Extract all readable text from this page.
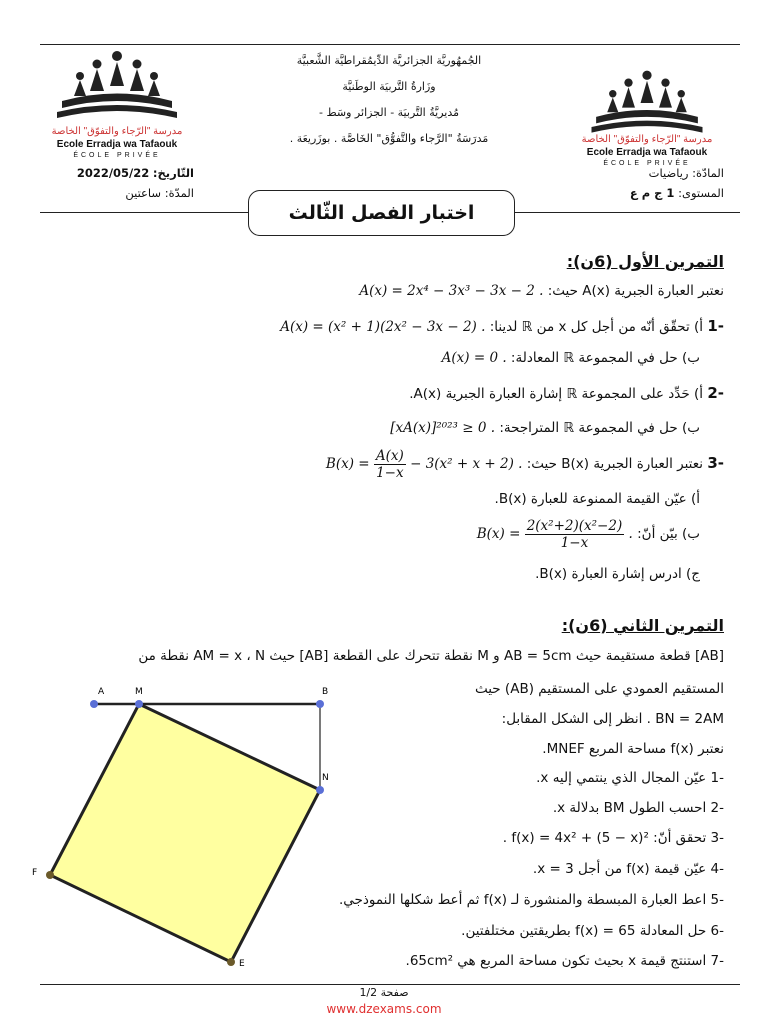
مدرسة "الرّجاء والتفوّق" الخاصة
Ecole Erradja wa Tafaouk
ÉCOLE PRIVÉE
مدرسة "الرّجاء والتفوّق" الخاصة
Ecole Erradja wa Tafaouk
ÉCOLE PRIVÉE
الجُمهُوريَّة الجزائريَّة الدِّيمُقراطيَّة الشَّعبيَّة
وزَارةُ التَّربيَة الوطَنيَّة
مُديريَّةُ التَّربيَة - الجزائر وسَط -
مَدرَسَةُ "الرَّجاء والتَّفوُّق" الخَاصَّة . بوزَريعَة .
المادّة: رياضيات
المستوى: 1 ج م ع
التّاريخ: 2022/05/22
المدّة: ساعتين
اختبار الفصل الثّالث
التمرين الأول (6ن):
نعتبر العبارة الجبرية A(x) حيث: A(x) = 2x⁴ − 3x³ − 3x − 2 .
-1 أ) تحقّق أنّه من أجل كل x من ℝ لدينا: A(x) = (x² + 1)(2x² − 3x − 2) .
ب) حل في المجموعة ℝ المعادلة: A(x) = 0 .
-2 أ) حَدِّد على المجموعة ℝ إشارة العبارة الجبرية A(x).
ب) حل في المجموعة ℝ المتراجحة: [xA(x)]²⁰²³ ≥ 0 .
-3 نعتبر العبارة الجبرية B(x) حيث: $B(x) = \frac{A(x)}{1-x} - 3(x^2 + x + 2)$ .
أ) عيّن القيمة الممنوعة للعبارة B(x).
ب) بيّن أنّ: $B(x) = \frac{\text{2(x²+2)(x²−2)}}{1-x}$ .
ج) ادرس إشارة العبارة B(x).
التمرين الثاني (6ن):
[AB] قطعة مستقيمة حيث AB = 5cm و M نقطة تتحرك على القطعة [AB] حيث AM = x ، N نقطة من
المستقيم العمودي على المستقيم (AB) حيث
BN = 2AM . انظر إلى الشكل المقابل:
نعتبر f(x) مساحة المربع MNEF.
-1 عيّن المجال الذي ينتمي إليه x.
-2 احسب الطول BM بدلالة x.
-3 تحقق أنّ: f(x) = 4x² + (5 − x)² .
-4 عيّن قيمة f(x) من أجل x = 3.
-5 اعط العبارة المبسطة والمنشورة لـ f(x) ثم أعط شكلها النموذجي.
-6 حل المعادلة f(x) = 65 بطريقتين مختلفتين.
-7 استنتج قيمة x بحيث تكون مساحة المربع هي 65cm².
A	M	B
N
E
F
صفحة 1/2
www.dzexams.com
